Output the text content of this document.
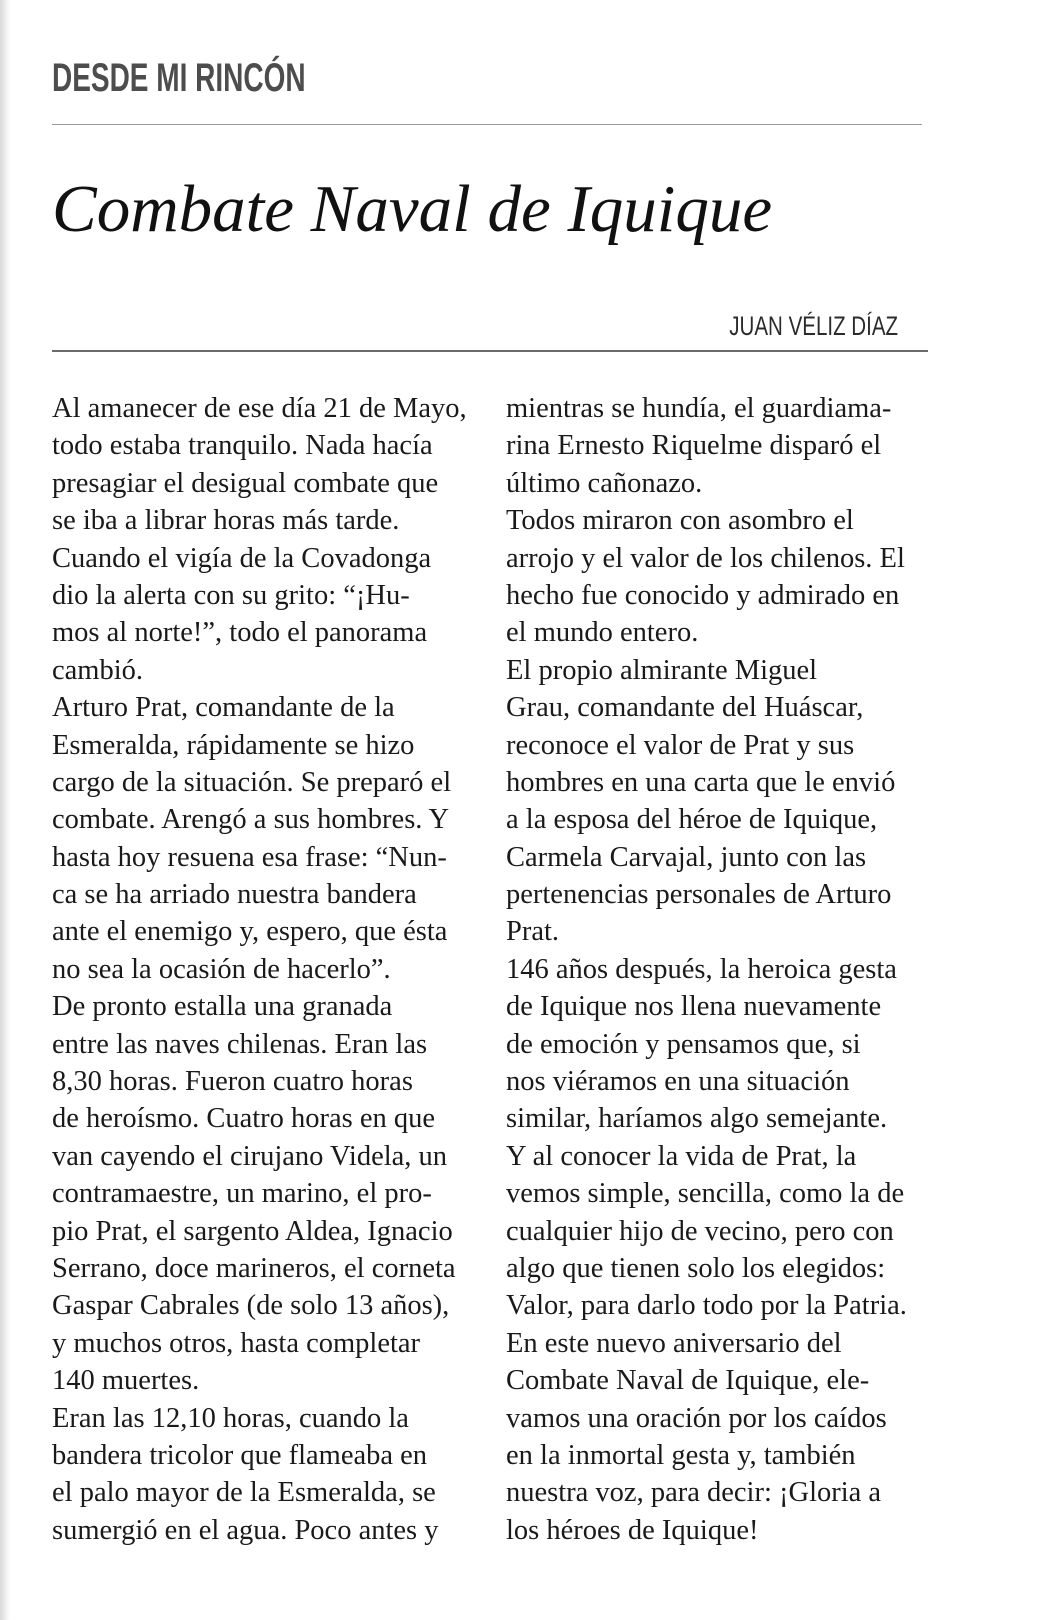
DESDE MI RINCÓN
Combate Naval de Iquique
JUAN VÉLIZ DÍAZ
Al amanecer de ese día 21 de Mayo,
todo estaba tranquilo. Nada hacía
presagiar el desigual combate que
se iba a librar horas más tarde.
Cuando el vigía de la Covadonga
dio la alerta con su grito: “¡Hu-
mos al norte!”, todo el panorama
cambió.
Arturo Prat, comandante de la
Esmeralda, rápidamente se hizo
cargo de la situación. Se preparó el
combate. Arengó a sus hombres. Y
hasta hoy resuena esa frase: “Nun-
ca se ha arriado nuestra bandera
ante el enemigo y, espero, que ésta
no sea la ocasión de hacerlo”.
De pronto estalla una granada
entre las naves chilenas. Eran las
8,30 horas. Fueron cuatro horas
de heroísmo. Cuatro horas en que
van cayendo el cirujano Videla, un
contramaestre, un marino, el pro-
pio Prat, el sargento Aldea, Ignacio
Serrano, doce marineros, el corneta
Gaspar Cabrales (de solo 13 años),
y muchos otros, hasta completar
140 muertes.
Eran las 12,10 horas, cuando la
bandera tricolor que flameaba en
el palo mayor de la Esmeralda, se
sumergió en el agua. Poco antes y
mientras se hundía, el guardiama-
rina Ernesto Riquelme disparó el
último cañonazo.
Todos miraron con asombro el
arrojo y el valor de los chilenos. El
hecho fue conocido y admirado en
el mundo entero.
El propio almirante Miguel
Grau, comandante del Huáscar,
reconoce el valor de Prat y sus
hombres en una carta que le envió
a la esposa del héroe de Iquique,
Carmela Carvajal, junto con las
pertenencias personales de Arturo
Prat.
146 años después, la heroica gesta
de Iquique nos llena nuevamente
de emoción y pensamos que, si
nos viéramos en una situación
similar, haríamos algo semejante.
Y al conocer la vida de Prat, la
vemos simple, sencilla, como la de
cualquier hijo de vecino, pero con
algo que tienen solo los elegidos:
Valor, para darlo todo por la Patria.
En este nuevo aniversario del
Combate Naval de Iquique, ele-
vamos una oración por los caídos
en la inmortal gesta y, también
nuestra voz, para decir: ¡Gloria a
los héroes de Iquique!
